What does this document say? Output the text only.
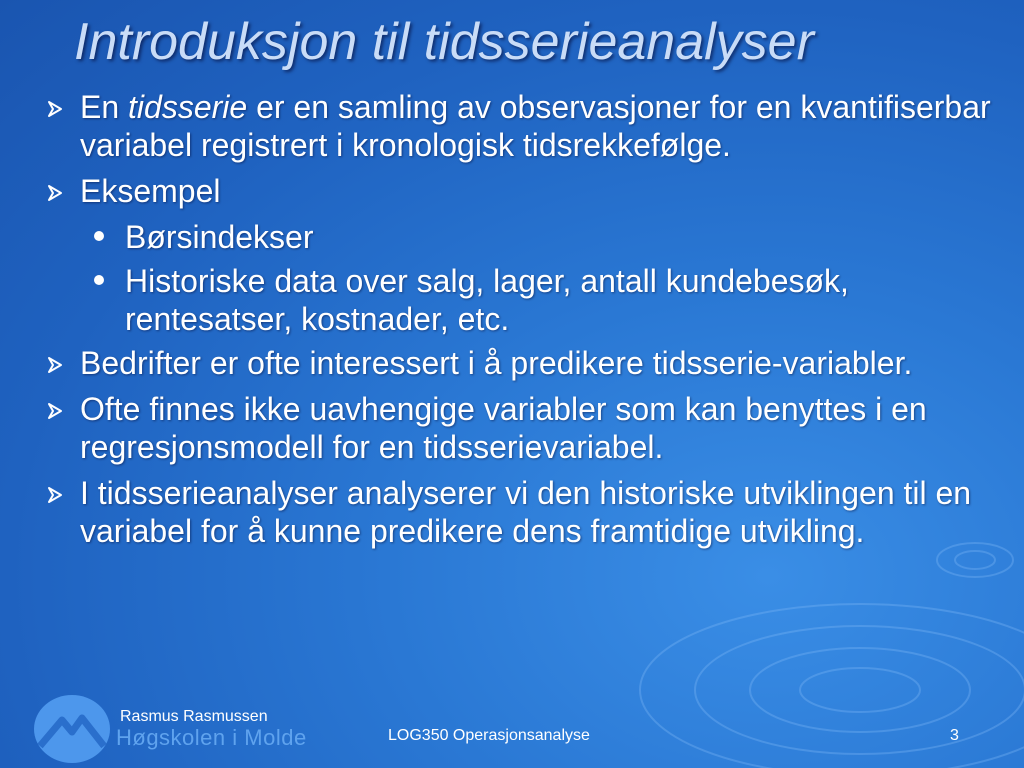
Introduksjon til tidsserieanalyser
En tidsserie er en samling av observasjoner for en kvantifiserbar variabel registrert i kronologisk tidsrekkefølge.
Eksempel
Børsindekser
Historiske data over salg, lager, antall kundebesøk, rentesatser, kostnader, etc.
Bedrifter er ofte interessert i å predikere tidsserie-variabler.
Ofte finnes ikke uavhengige variabler som kan benyttes i en regresjonsmodell for en tidsserievariabel.
I tidsserieanalyser analyserer vi den historiske utviklingen til en variabel for å kunne predikere dens framtidige utvikling.
Høgskolen i Molde
Rasmus Rasmussen
LOG350 Operasjonsanalyse	3
